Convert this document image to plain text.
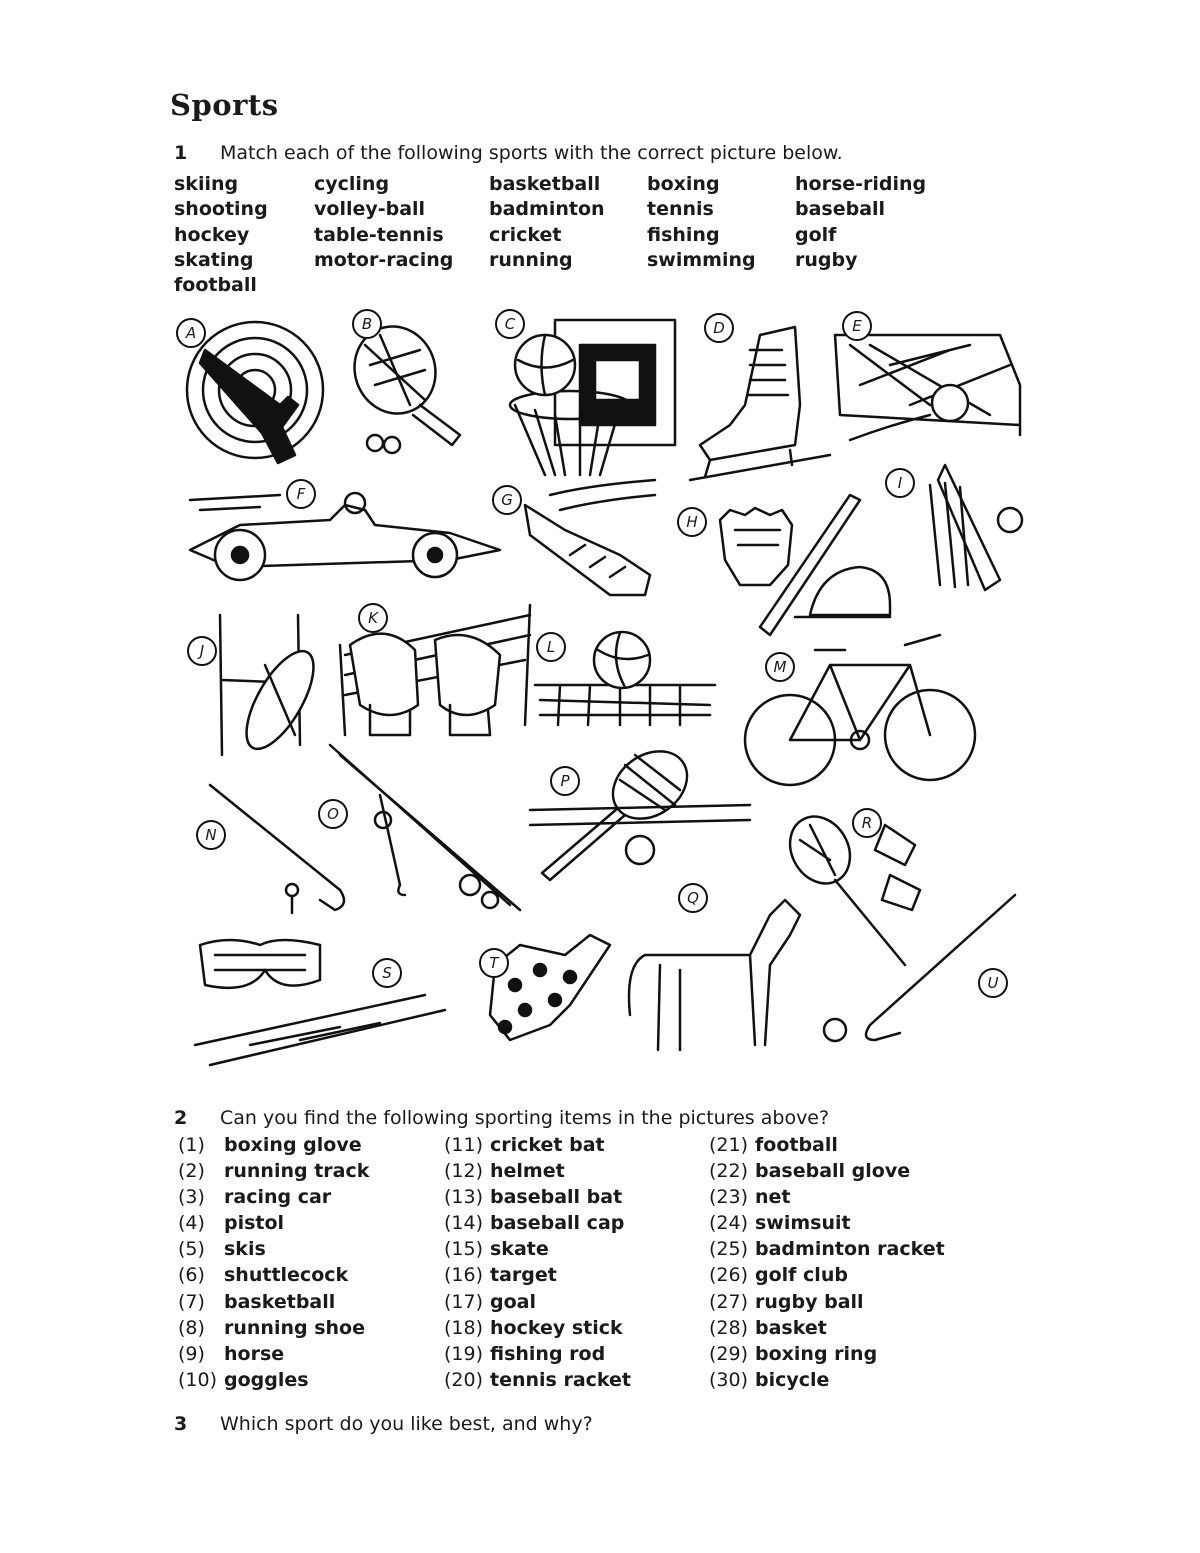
Sports
1 Match each of the following sports with the correct picture below.
skiing
shooting
hockey
skating
football
cycling
volley-ball
table-tennis
motor-racing
basketball
badminton
cricket
running
boxing
tennis
fishing
swimming
horse-riding
baseball
golf
rugby
A	B	C	D	E
F	G
H
I
J
K
L
M
N
O
P
Q
R
S
T
U
2 Can you find the following sporting items in the pictures above?
(1) boxing glove
(2) running track
(3) racing car
(4) pistol
(5) skis
(6) shuttlecock
(7) basketball
(8) running shoe
(9) horse
(10) goggles
(11) cricket bat
(12) helmet
(13) baseball bat
(14) baseball cap
(15) skate
(16) target
(17) goal
(18) hockey stick
(19) fishing rod
(20) tennis racket
(21) football
(22) baseball glove
(23) net
(24) swimsuit
(25) badminton racket
(26) golf club
(27) rugby ball
(28) basket
(29) boxing ring
(30) bicycle
3 Which sport do you like best, and why?
